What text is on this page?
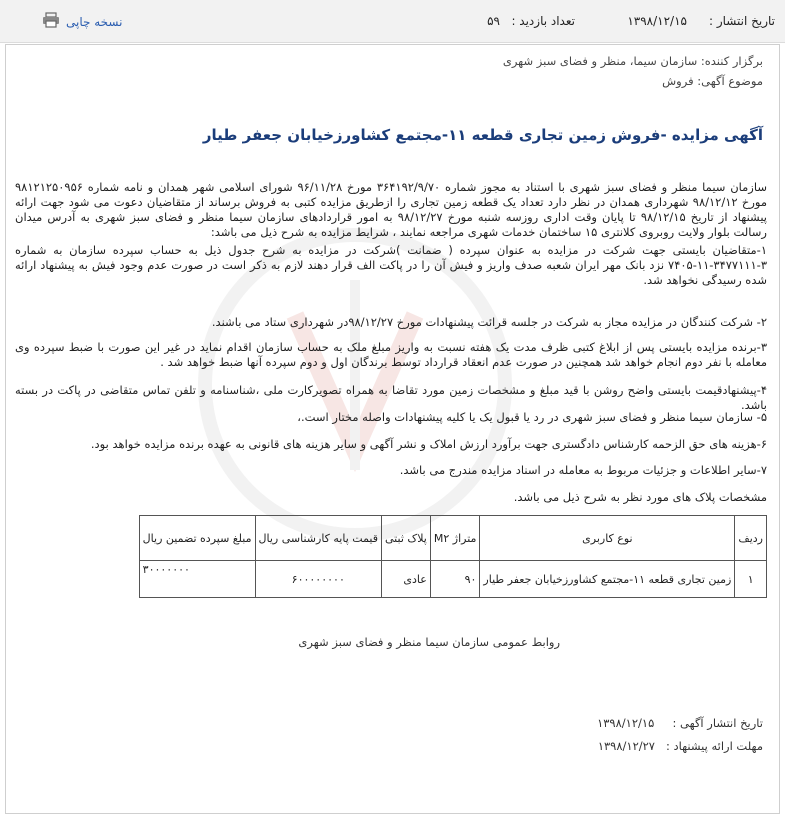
تاریخ انتشار :
۱۳۹۸/۱۲/۱۵
تعداد بازدید :
۵۹
نسخه چاپی
برگزار کننده: سازمان سیما، منظر و فضای سبز شهری
موضوع آگهی: فروش
آگهی مزایده -فروش زمین تجاری قطعه ۱۱-مجتمع کشاورزخیابان جعفر طیار

سازمان سیما منظر و فضای سبز شهری با استناد به مجوز شماره ۳۶۴۱۹۲/۹/۷۰ مورخ ۹۶/۱۱/۲۸ شورای اسلامی شهر همدان و نامه شماره ۹۸۱۲۱۲۵۰۹۵۶ مورخ ۹۸/۱۲/۱۲ شهرداری همدان در نظر دارد تعداد یک قطعه زمین تجاری را ازطریق مزایده کتبی به فروش برساند از متقاضیان دعوت می شود جهت ارائه پیشنهاد از تاریخ ۹۸/۱۲/۱۵ تا پایان وقت اداری روزسه شنبه مورخ ۹۸/۱۲/۲۷ به امور قراردادهای سازمان سیما منظر و فضای سبز شهری به آدرس میدان رسالت بلوار ولایت روبروی کلانتری ۱۵ ساختمان خدمات شهری مراجعه نمایند ، شرایط مزایده به شرح ذیل می باشد:

۱-متقاضیان بایستی جهت شرکت در مزایده به عنوان سپرده ( ضمانت )شرکت در مزایده به شرح جدول ذیل به حساب سپرده سازمان به شماره ۳-۳۴۷۷۱۱۱-۱۱-۷۴۰۵ نزد بانک مهر ایران شعبه صدف واریز و فیش آن را در پاکت الف قرار دهند لازم به ذکر است در صورت عدم وجود فیش به پیشنهاد ارائه شده رسیدگی نخواهد شد.

۲- شرکت کنندگان در مزایده مجاز به شرکت در جلسه قرائت پیشنهادات مورخ ۹۸/۱۲/۲۷در شهرداری ستاد می باشند.

۳-برنده مزایده بایستی پس از ابلاغ کتبی ظرف مدت یک هفته نسبت به واریز مبلغ ملک به حساب سازمان اقدام نماید در غیر این صورت با ضبط سپرده وی معامله با نفر دوم انجام خواهد شد همچنین در صورت عدم انعقاد قرارداد توسط برندگان اول و دوم سپرده آنها ضبط خواهد شد .

۴-پیشنهادقیمت بایستی واضح روشن با قید مبلغ و مشخصات زمین مورد تقاضا به همراه تصویرکارت ملی ،شناسنامه و تلفن تماس متقاضی در پاکت در بسته باشد.

۵- سازمان سیما منظر و فضای سبز شهری در رد یا قبول یک یا کلیه پیشنهادات واصله مختار است.،

۶-هزینه های حق الزحمه کارشناس دادگستری جهت برآورد ارزش املاک و نشر آگهی و سایر هزینه های قانونی به عهده برنده مزایده خواهد بود.

۷-سایر اطلاعات و جزئیات مربوط به معامله در اسناد مزایده مندرج می باشد.

مشخصات پلاک های مورد نظر به شرح ذیل می باشد.

ردیف	نوع کاربری	متراژ M۲	پلاک ثبتی	قیمت پایه کارشناسی ریال	مبلغ سپرده تضمین ریال
۱	زمین تجاری قطعه ۱۱-مجتمع کشاورزخیابان جعفر طیار	۹۰	عادی	۶۰۰۰۰۰۰۰۰	۳۰۰۰۰۰۰۰
روابط عمومی سازمان سیما منظر و فضای سبز شهری
تاریخ انتشار آگهی :     ۱۳۹۸/۱۲/۱۵
مهلت ارائه پیشنهاد :   ۱۳۹۸/۱۲/۲۷
